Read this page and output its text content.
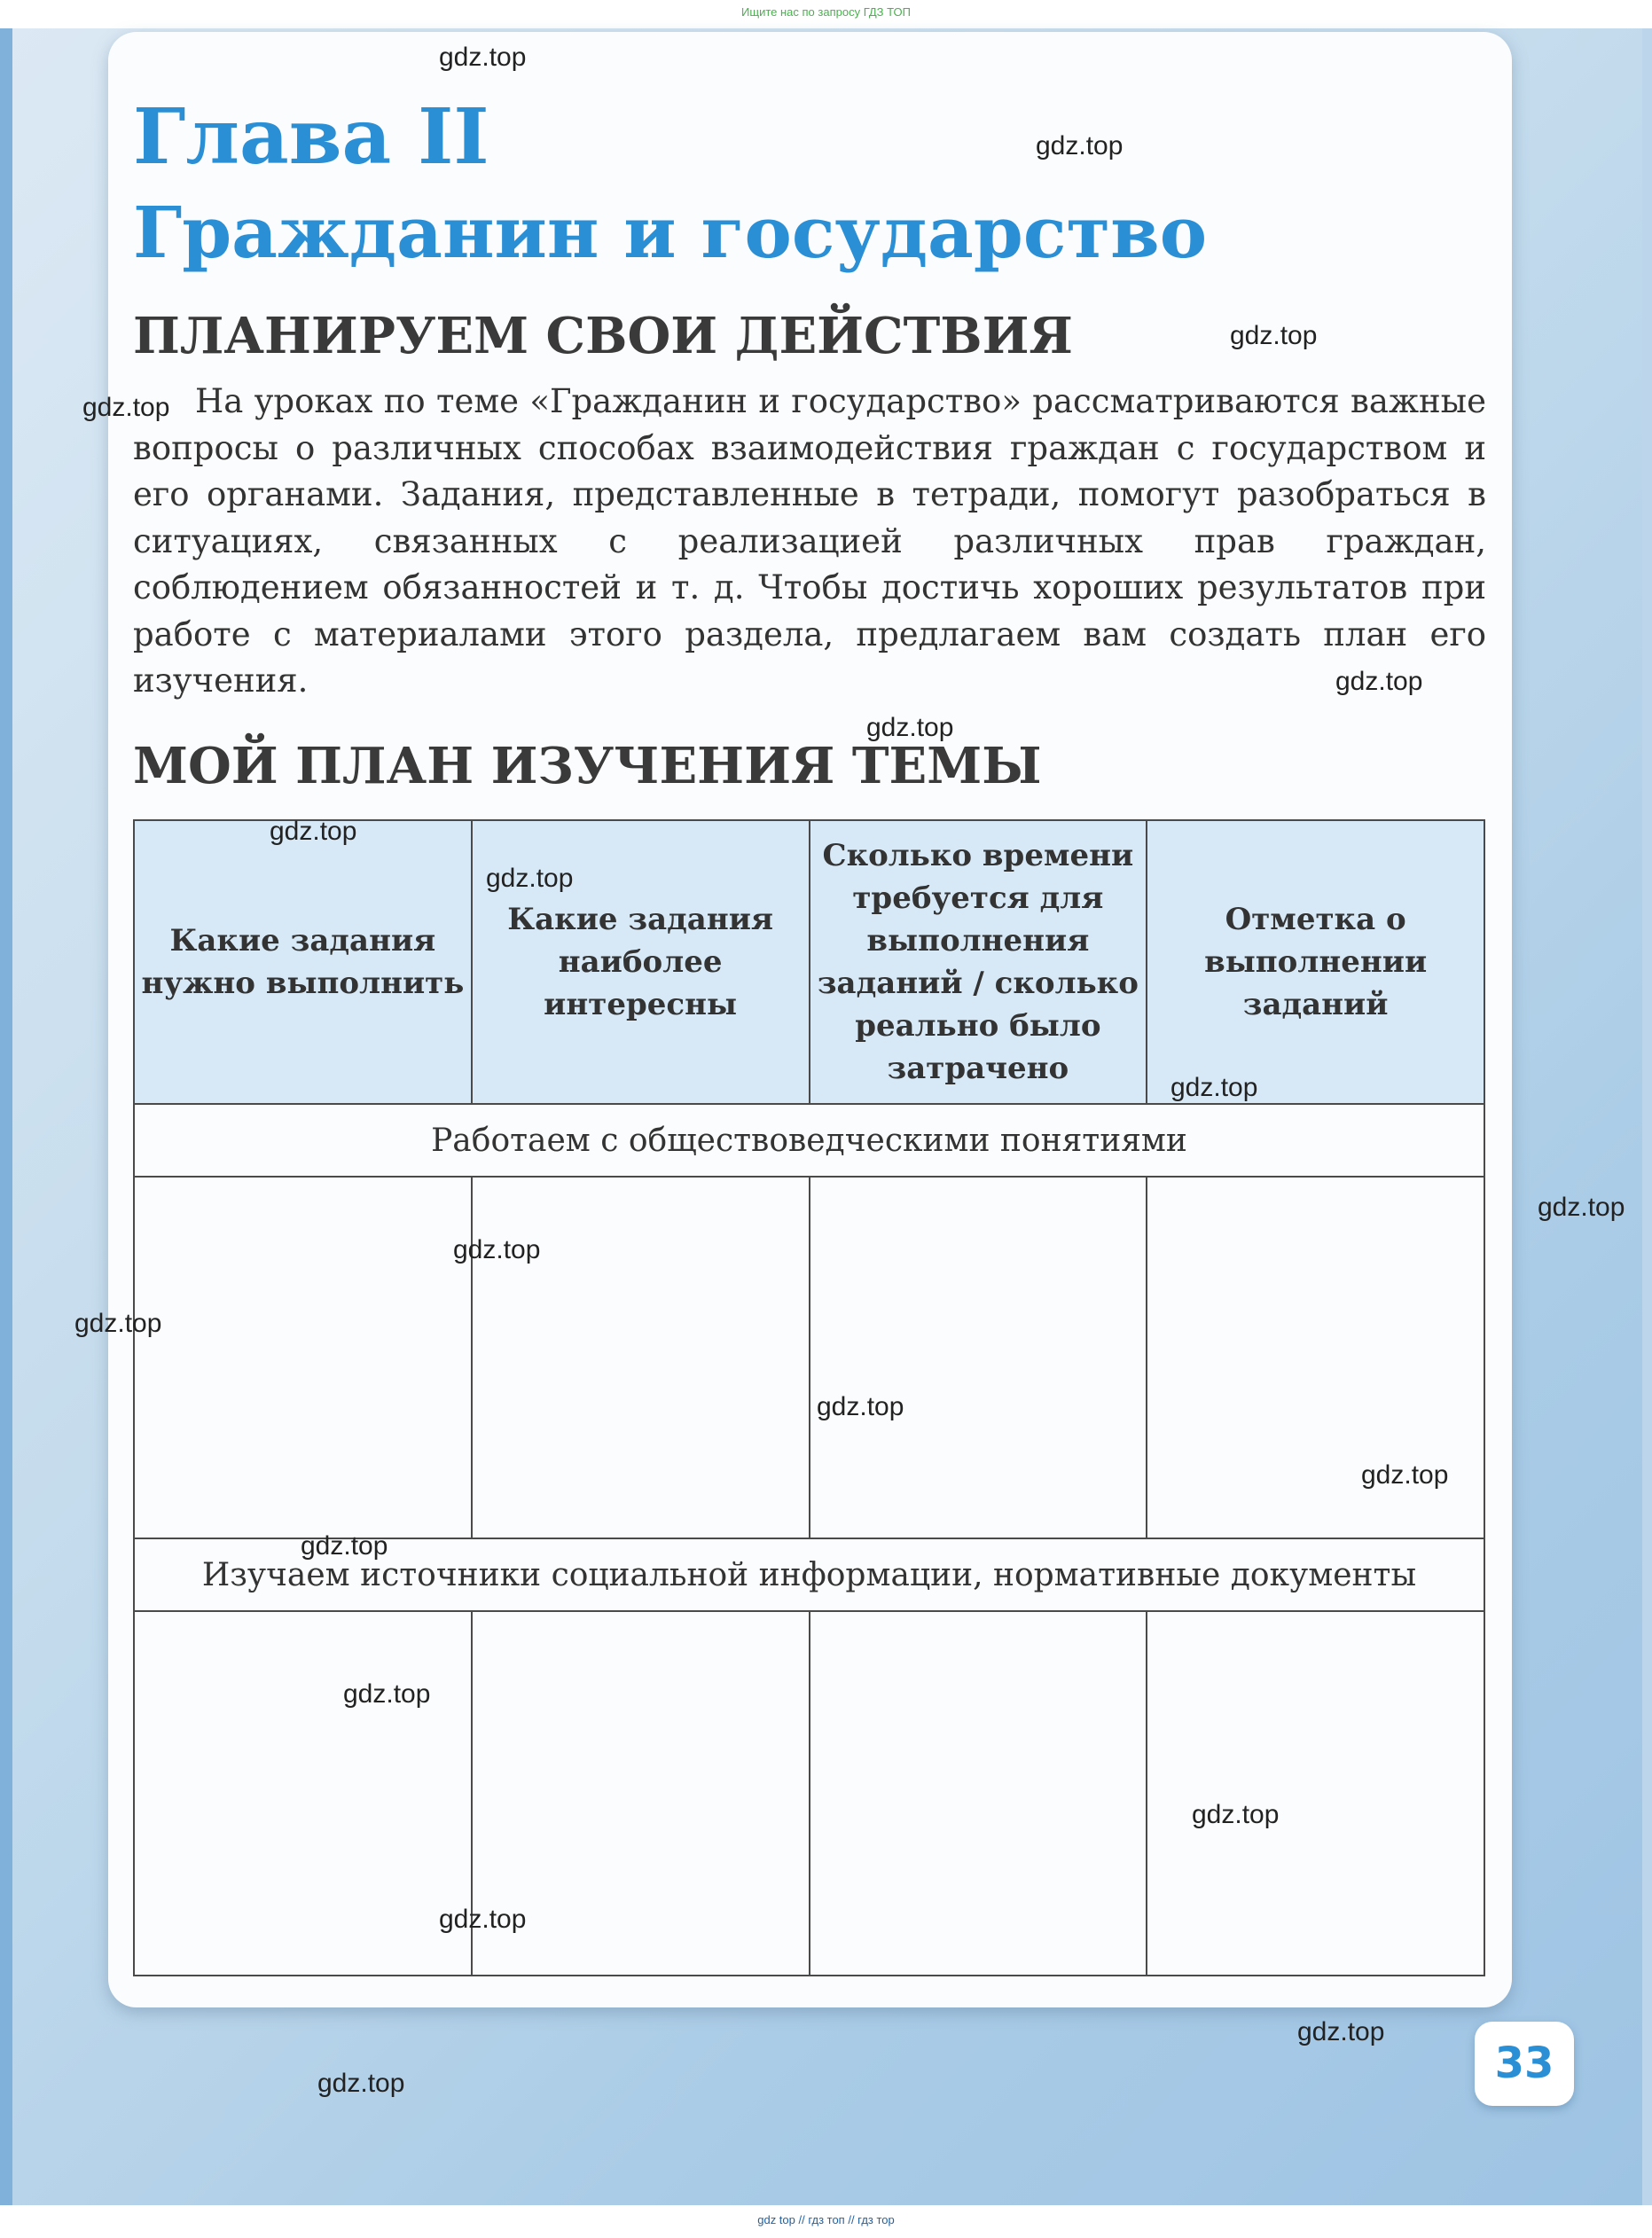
Ищите нас по запросу ГДЗ ТОП
Глава II
Гражданин и государство
ПЛАНИРУЕМ СВОИ ДЕЙСТВИЯ

На уроках по теме «Гражданин и государство» рассматриваются важные вопросы о различных способах взаимодействия граждан с государством и его органами. Задания, представленные в тетради, помогут разобраться в ситуациях, связанных с реализацией различных прав граждан, соблюдением обязанностей и т. д. Чтобы достичь хороших результатов при работе с материалами этого раздела, предлагаем вам создать план его изучения.

МОЙ ПЛАН ИЗУЧЕНИЯ ТЕМЫ
Какие задания нужно выполнить	Какие задания наиболее интересны	Сколько времени требуется для выполнения заданий / сколько реально было затрачено	Отметка о выполнении заданий
Работаем с обществоведческими понятиями			

Изучаем источники социальной информации, нормативные документы			

33
gdz.top
gdz.top
gdz.top
gdz.top
gdz.top
gdz.top
gdz.top
gdz.top
gdz.top
gdz.top
gdz.top
gdz.top
gdz.top
gdz.top
gdz.top
gdz.top
gdz.top
gdz.top
gdz.top
gdz.top
gdz top // гдз топ // гдз тор
